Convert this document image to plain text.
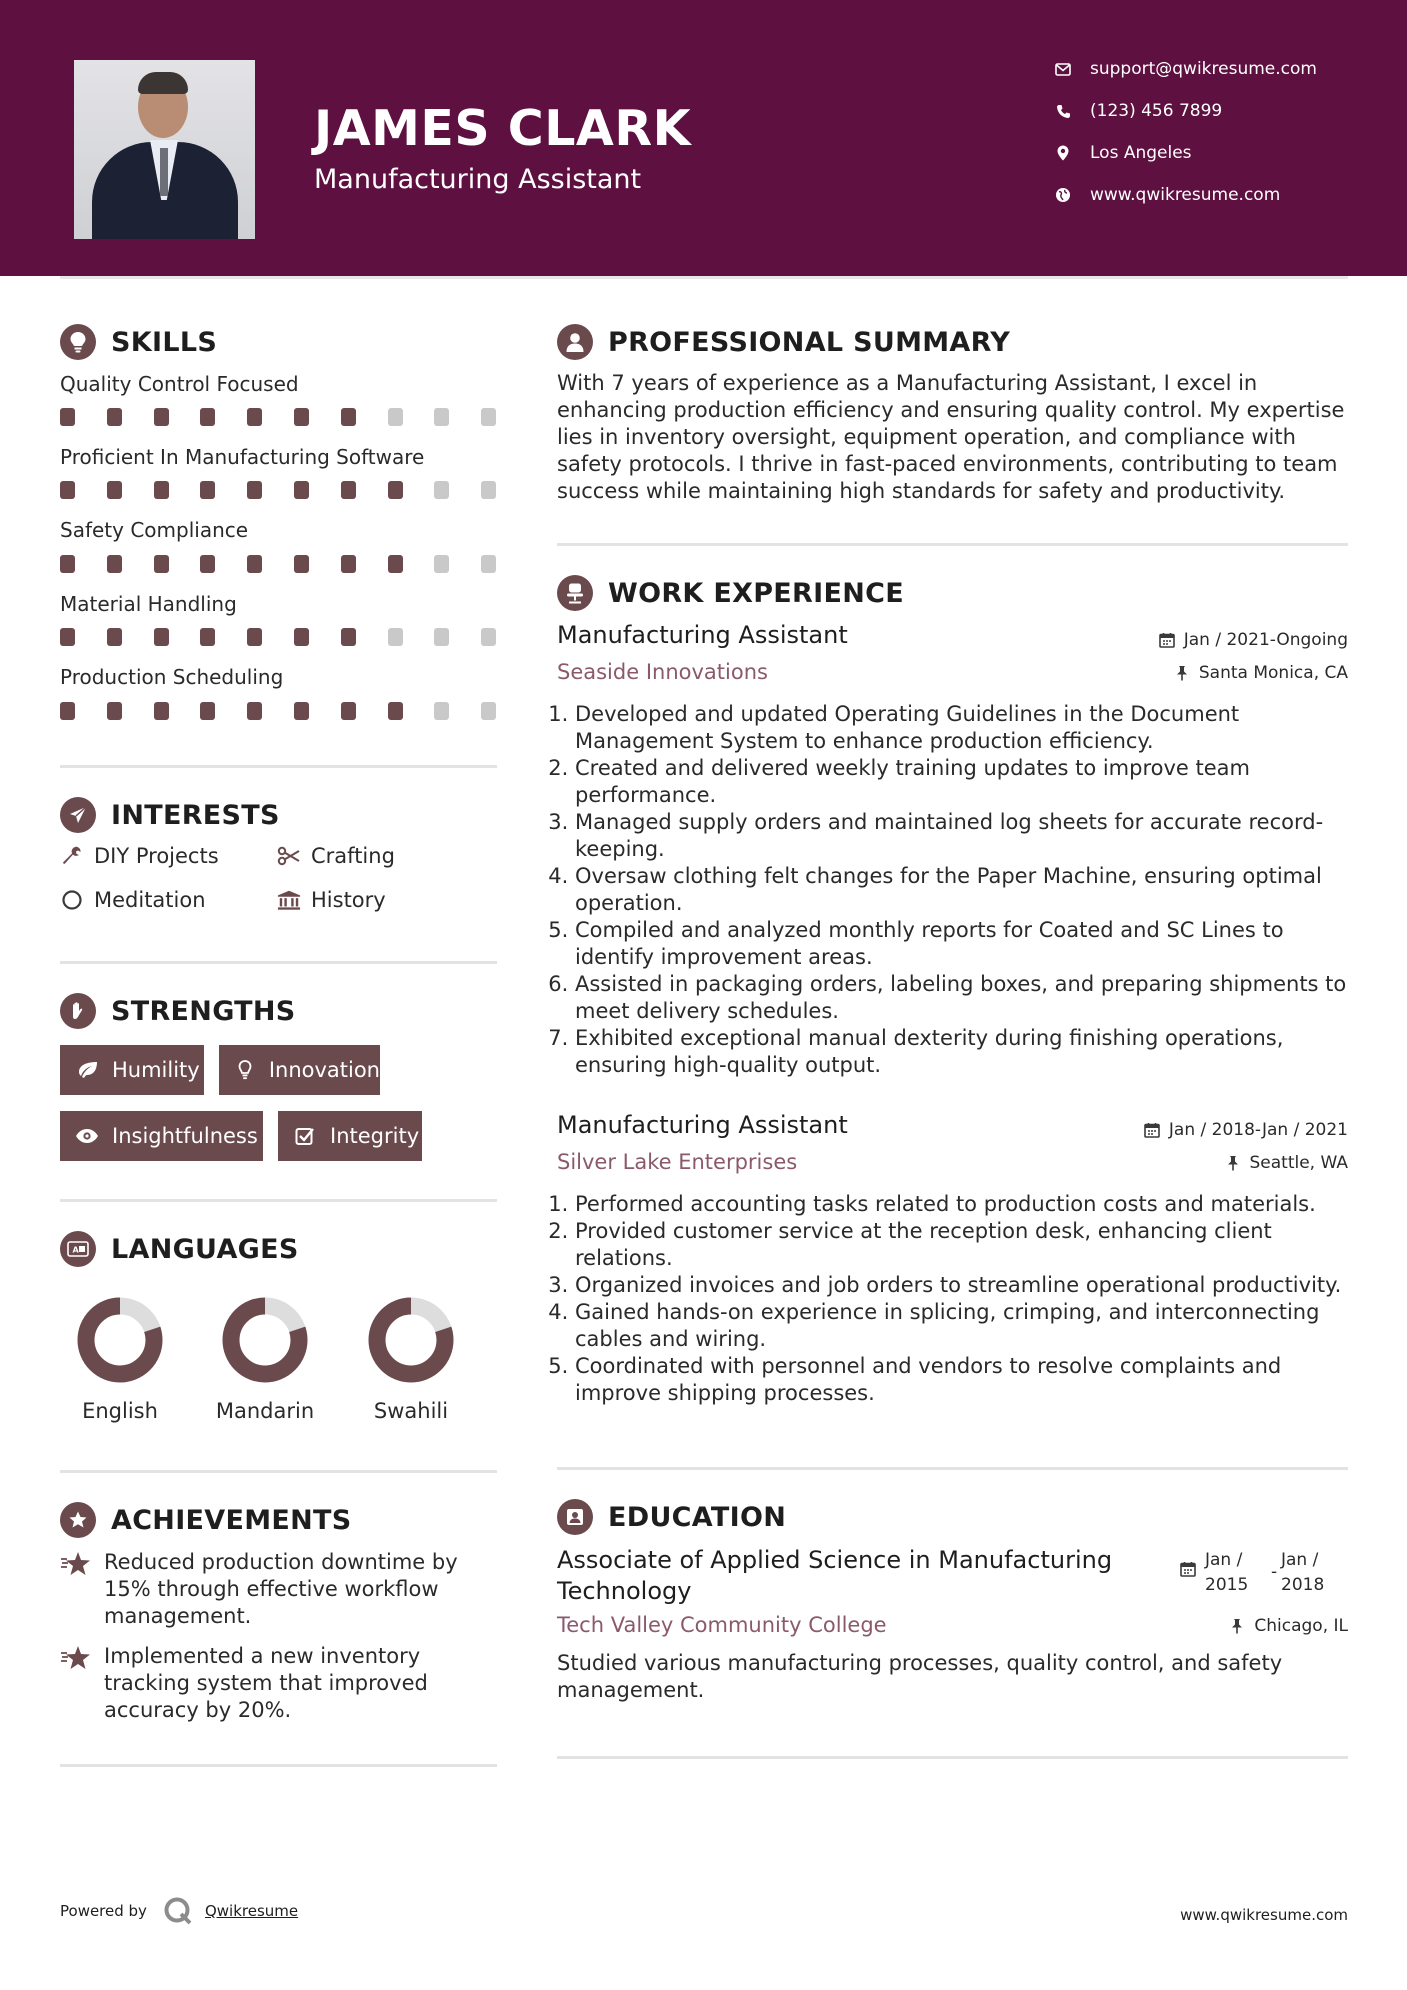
JAMES CLARK
Manufacturing Assistant
support@qwikresume.com
(123) 456 7899
Los Angeles
www.qwikresume.com
SKILLS
Quality Control Focused
Proficient In Manufacturing Software
Safety Compliance
Material Handling
Production Scheduling
INTERESTS
DIY Projects	Crafting
Meditation	History
STRENGTHS
Humility	Innovation
Insightfulness	Integrity
A LANGUAGES
English	Mandarin	Swahili
ACHIEVEMENTS
Reduced production downtime by 15% through effective workflow management.
Implemented a new inventory tracking system that improved accuracy by 20%.
PROFESSIONAL SUMMARY
With 7 years of experience as a Manufacturing Assistant, I excel in enhancing production efficiency and ensuring quality control. My expertise lies in inventory oversight, equipment operation, and compliance with safety protocols. I thrive in fast-paced environments, contributing to team success while maintaining high standards for safety and productivity.
WORK EXPERIENCE
Manufacturing Assistant	Jan / 2021-Ongoing
Seaside Innovations	Santa Monica, CA
1. Developed and updated Operating Guidelines in the Document Management System to enhance production efficiency.
2. Created and delivered weekly training updates to improve team performance.
3. Managed supply orders and maintained log sheets for accurate record-keeping.
4. Oversaw clothing felt changes for the Paper Machine, ensuring optimal operation.
5. Compiled and analyzed monthly reports for Coated and SC Lines to identify improvement areas.
6. Assisted in packaging orders, labeling boxes, and preparing shipments to meet delivery schedules.
7. Exhibited exceptional manual dexterity during finishing operations, ensuring high-quality output.
Manufacturing Assistant	Jan / 2018-Jan / 2021
Silver Lake Enterprises	Seattle, WA
1. Performed accounting tasks related to production costs and materials.
2. Provided customer service at the reception desk, enhancing client relations.
3. Organized invoices and job orders to streamline operational productivity.
4. Gained hands-on experience in splicing, crimping, and interconnecting cables and wiring.
5. Coordinated with personnel and vendors to resolve complaints and improve shipping processes.
EDUCATION
Associate of Applied Science in Manufacturing Technology
Jan / 2015
-
Jan / 2018
Tech Valley Community College	Chicago, IL
Studied various manufacturing processes, quality control, and safety management.
Powered by	Qwikresume	www.qwikresume.com
